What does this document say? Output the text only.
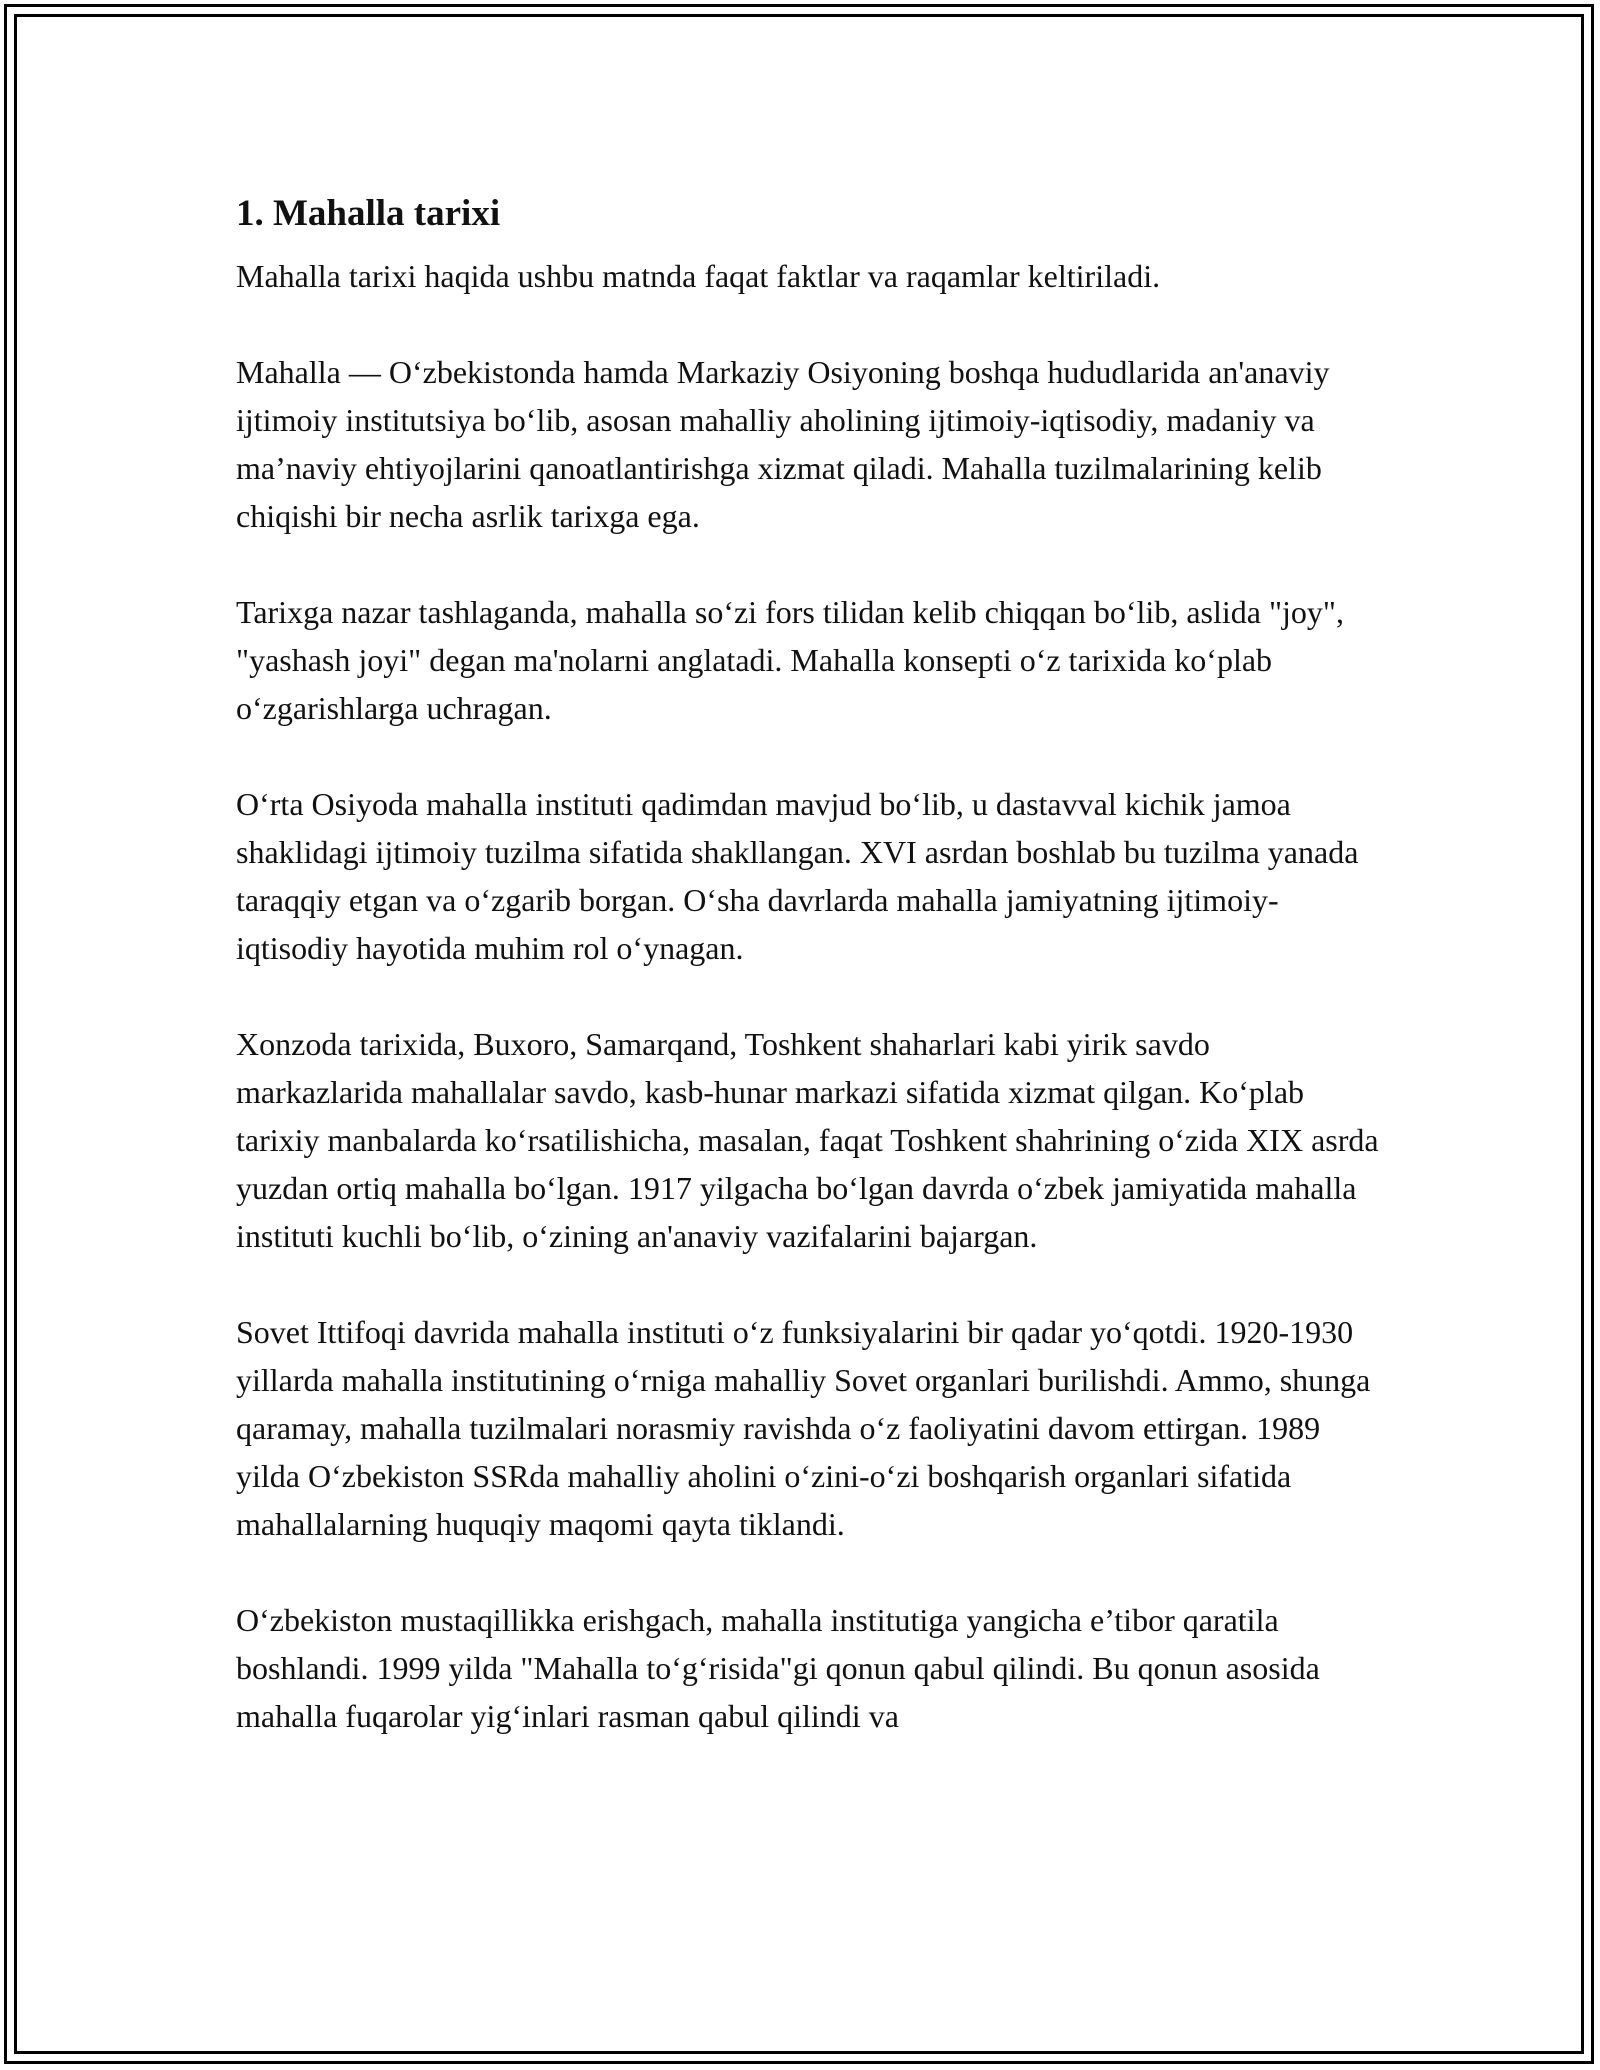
1. Mahalla tarixi

Mahalla tarixi haqida ushbu matnda faqat faktlar va raqamlar keltiriladi.

Mahalla — O‘zbekistonda hamda Markaziy Osiyoning boshqa hududlarida an'anaviy ijtimoiy institutsiya bo‘lib, asosan mahalliy aholining ijtimoiy-iqtisodiy, madaniy va ma’naviy ehtiyojlarini qanoatlantirishga xizmat qiladi. Mahalla tuzilmalarining kelib chiqishi bir necha asrlik tarixga ega.

Tarixga nazar tashlaganda, mahalla so‘zi fors tilidan kelib chiqqan bo‘lib, aslida "joy", "yashash joyi" degan ma'nolarni anglatadi. Mahalla konsepti o‘z tarixida ko‘plab o‘zgarishlarga uchragan.

O‘rta Osiyoda mahalla instituti qadimdan mavjud bo‘lib, u dastavval kichik jamoa shaklidagi ijtimoiy tuzilma sifatida shakllangan. XVI asrdan boshlab bu tuzilma yanada taraqqiy etgan va o‘zgarib borgan. O‘sha davrlarda mahalla jamiyatning ijtimoiy-iqtisodiy hayotida muhim rol o‘ynagan.

Xonzoda tarixida, Buxoro, Samarqand, Toshkent shaharlari kabi yirik savdo markazlarida mahallalar savdo, kasb-hunar markazi sifatida xizmat qilgan. Ko‘plab tarixiy manbalarda ko‘rsatilishicha, masalan, faqat Toshkent shahrining o‘zida XIX asrda yuzdan ortiq mahalla bo‘lgan. 1917 yilgacha bo‘lgan davrda o‘zbek jamiyatida mahalla instituti kuchli bo‘lib, o‘zining an'anaviy vazifalarini bajargan.

Sovet Ittifoqi davrida mahalla instituti o‘z funksiyalarini bir qadar yo‘qotdi. 1920-1930 yillarda mahalla institutining o‘rniga mahalliy Sovet organlari burilishdi. Ammo, shunga qaramay, mahalla tuzilmalari norasmiy ravishda o‘z faoliyatini davom ettirgan. 1989 yilda O‘zbekiston SSRda mahalliy aholini o‘zini-o‘zi boshqarish organlari sifatida mahallalarning huquqiy maqomi qayta tiklandi.

O‘zbekiston mustaqillikka erishgach, mahalla institutiga yangicha e’tibor qaratila boshlandi. 1999 yilda "Mahalla to‘g‘risida"gi qonun qabul qilindi. Bu qonun asosida mahalla fuqarolar yig‘inlari rasman qabul qilindi va
